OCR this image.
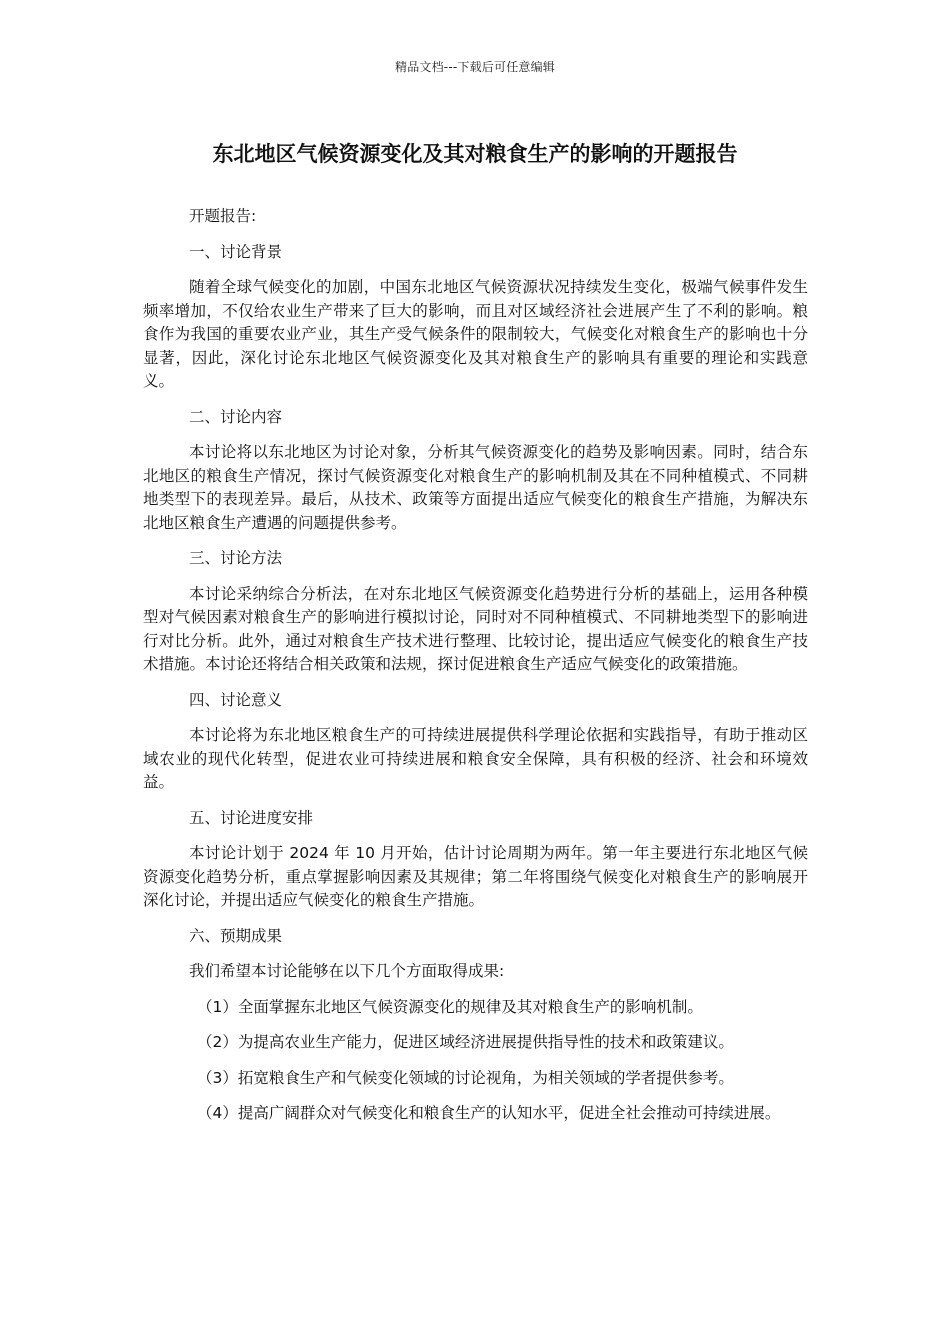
精品文档---下载后可任意编辑
东北地区气候资源变化及其对粮食生产的影响的开题报告
开题报告:
一、讨论背景
随着全球气候变化的加剧，中国东北地区气候资源状况持续发生变化，极端气候事件发生频率增加，不仅给农业生产带来了巨大的影响，而且对区域经济社会进展产生了不利的影响。粮食作为我国的重要农业产业，其生产受气候条件的限制较大，气候变化对粮食生产的影响也十分显著，因此，深化讨论东北地区气候资源变化及其对粮食生产的影响具有重要的理论和实践意义。
二、讨论内容
本讨论将以东北地区为讨论对象，分析其气候资源变化的趋势及影响因素。同时，结合东北地区的粮食生产情况，探讨气候资源变化对粮食生产的影响机制及其在不同种植模式、不同耕地类型下的表现差异。最后，从技术、政策等方面提出适应气候变化的粮食生产措施，为解决东北地区粮食生产遭遇的问题提供参考。
三、讨论方法
本讨论采纳综合分析法，在对东北地区气候资源变化趋势进行分析的基础上，运用各种模型对气候因素对粮食生产的影响进行模拟讨论，同时对不同种植模式、不同耕地类型下的影响进行对比分析。此外，通过对粮食生产技术进行整理、比较讨论，提出适应气候变化的粮食生产技术措施。本讨论还将结合相关政策和法规，探讨促进粮食生产适应气候变化的政策措施。
四、讨论意义
本讨论将为东北地区粮食生产的可持续进展提供科学理论依据和实践指导，有助于推动区域农业的现代化转型，促进农业可持续进展和粮食安全保障，具有积极的经济、社会和环境效益。
五、讨论进度安排
本讨论计划于 2024 年 10 月开始，估计讨论周期为两年。第一年主要进行东北地区气候资源变化趋势分析，重点掌握影响因素及其规律；第二年将围绕气候变化对粮食生产的影响展开深化讨论，并提出适应气候变化的粮食生产措施。
六、预期成果
我们希望本讨论能够在以下几个方面取得成果:
（1）全面掌握东北地区气候资源变化的规律及其对粮食生产的影响机制。
（2）为提高农业生产能力，促进区域经济进展提供指导性的技术和政策建议。
（3）拓宽粮食生产和气候变化领域的讨论视角，为相关领域的学者提供参考。
（4）提高广阔群众对气候变化和粮食生产的认知水平，促进全社会推动可持续进展。
